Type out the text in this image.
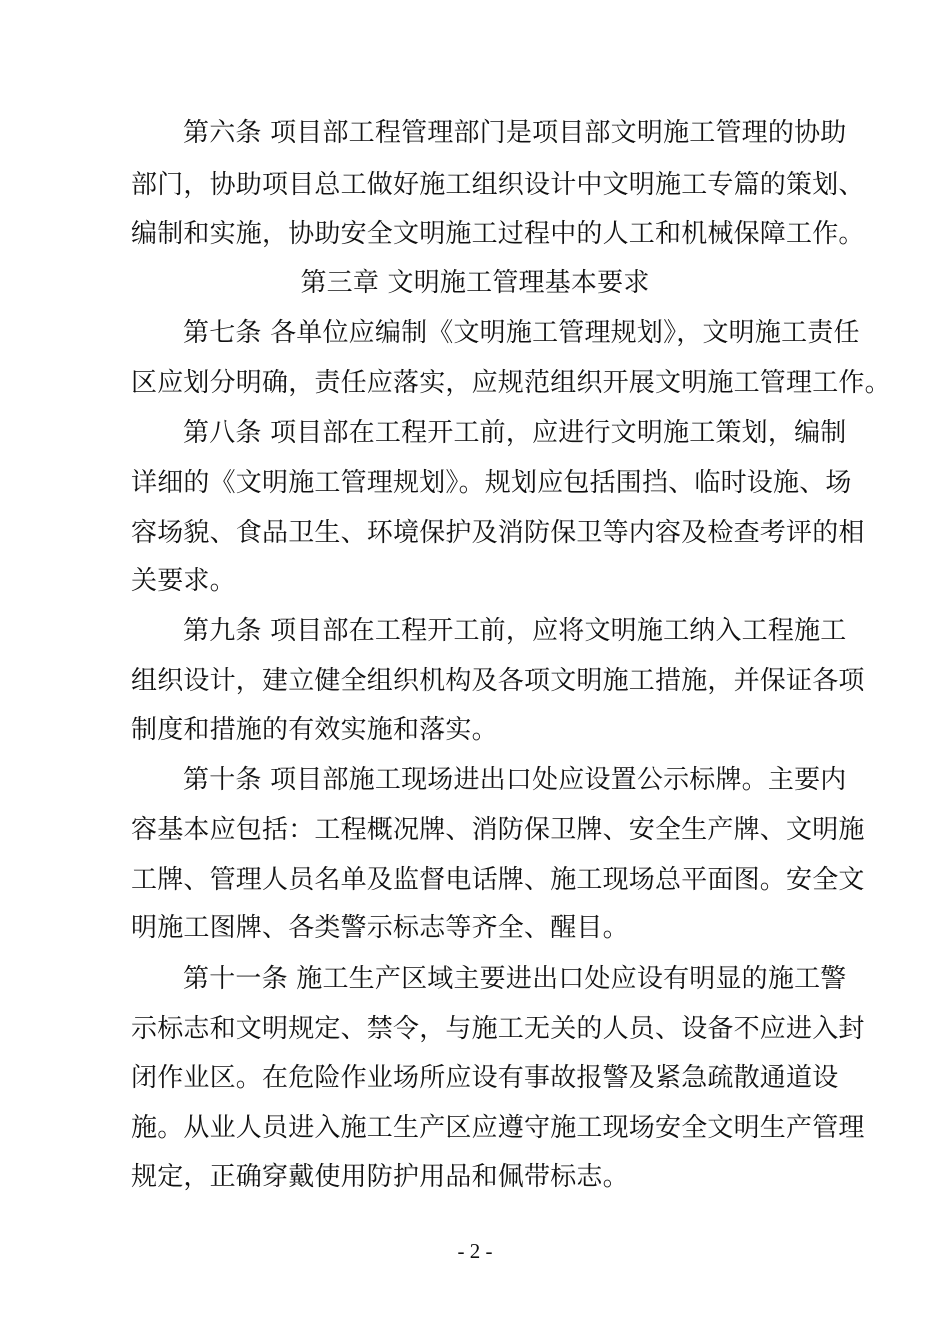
第六条 项目部工程管理部门是项目部文明施工管理的协助
部门，协助项目总工做好施工组织设计中文明施工专篇的策划、
编制和实施，协助安全文明施工过程中的人工和机械保障工作。
第三章 文明施工管理基本要求
第七条 各单位应编制《文明施工管理规划》，文明施工责任
区应划分明确，责任应落实，应规范组织开展文明施工管理工作。
第八条 项目部在工程开工前，应进行文明施工策划，编制
详细的《文明施工管理规划》。规划应包括围挡、临时设施、场
容场貌、食品卫生、环境保护及消防保卫等内容及检查考评的相
关要求。
第九条 项目部在工程开工前，应将文明施工纳入工程施工
组织设计，建立健全组织机构及各项文明施工措施，并保证各项
制度和措施的有效实施和落实。
第十条 项目部施工现场进出口处应设置公示标牌。主要内
容基本应包括：工程概况牌、消防保卫牌、安全生产牌、文明施
工牌、管理人员名单及监督电话牌、施工现场总平面图。安全文
明施工图牌、各类警示标志等齐全、醒目。
第十一条 施工生产区域主要进出口处应设有明显的施工警
示标志和文明规定、禁令，与施工无关的人员、设备不应进入封
闭作业区。在危险作业场所应设有事故报警及紧急疏散通道设
施。从业人员进入施工生产区应遵守施工现场安全文明生产管理
规定，正确穿戴使用防护用品和佩带标志。
- 2 -
